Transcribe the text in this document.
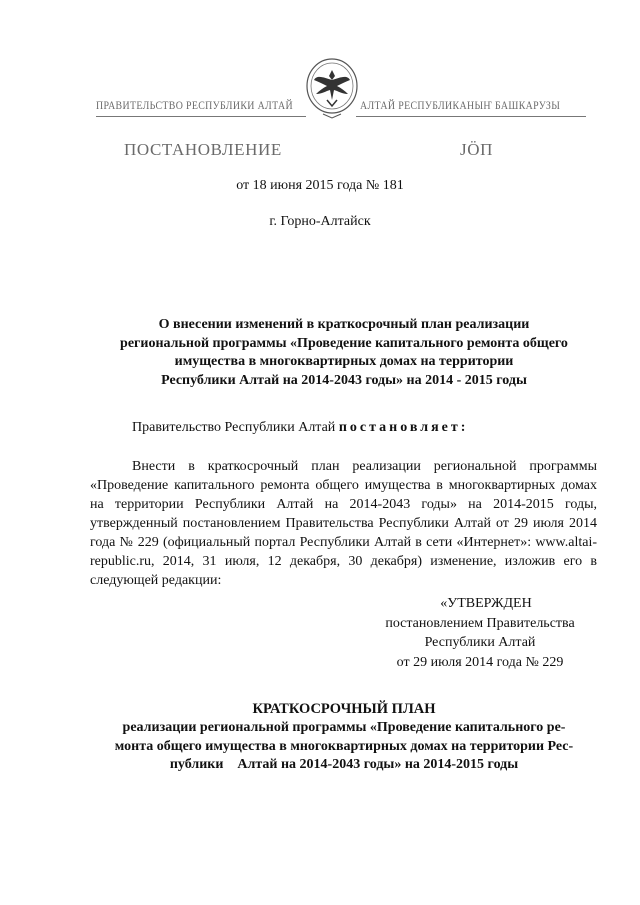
ПРАВИТЕЛЬСТВО РЕСПУБЛИКИ АЛТАЙ	АЛТАЙ РЕСПУБЛИКАНЫҤ БАШКАРУЗЫ
ПОСТАНОВЛЕНИЕ	ЈӦП
от 18 июня 2015 года № 181
г. Горно-Алтайск
О внесении изменений в краткосрочный план реализации
региональной программы «Проведение капитального ремонта общего
имущества в многоквартирных домах на территории
Республики Алтай на 2014-2043 годы» на 2014 - 2015 годы
Правительство Республики Алтай постановляет:
Внести в краткосрочный план реализации региональной программы «Проведение капитального ремонта общего имущества в многоквартирных домах на территории Республики Алтай на 2014-2043 годы» на 2014-2015 годы, утвержденный постановлением Правительства Республики Алтай от 29 июля 2014 года № 229 (официальный портал Республики Алтай в сети «Интернет»: www.altai-republic.ru, 2014, 31 июля, 12 декабря, 30 декабря) изменение, изложив его в следующей редакции:
«УТВЕРЖДЕН
постановлением Правительства
Республики Алтай
от 29 июля 2014 года № 229
КРАТКОСРОЧНЫЙ ПЛАН
реализации региональной программы «Проведение капитального ре-
монта общего имущества в многоквартирных домах на территории Рес-
публики    Алтай на 2014-2043 годы» на 2014-2015 годы
